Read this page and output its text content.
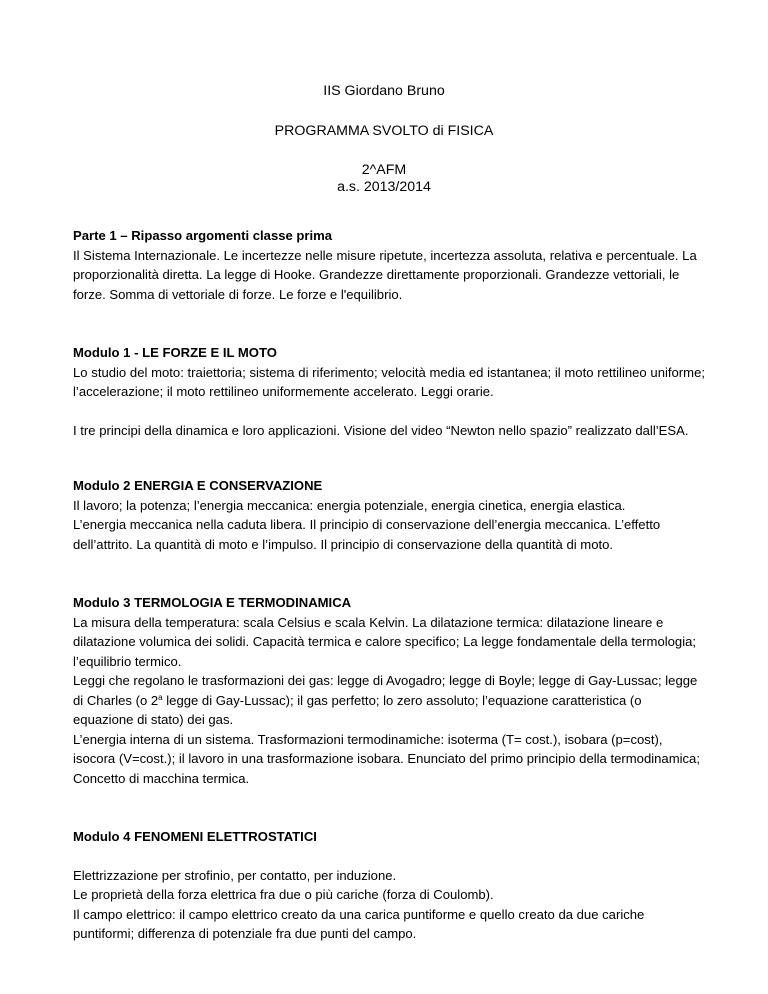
IIS Giordano Bruno
PROGRAMMA SVOLTO di FISICA
2^AFM
a.s. 2013/2014

Parte 1 – Ripasso argomenti classe prima

Il Sistema Internazionale. Le incertezze nelle misure ripetute, incertezza assoluta, relativa e percentuale. La proporzionalità diretta. La legge di Hooke. Grandezze direttamente proporzionali. Grandezze vettoriali, le forze. Somma di vettoriale di forze. Le forze e l'equilibrio.

Modulo 1 - LE FORZE E IL MOTO

Lo studio del moto: traiettoria; sistema di riferimento; velocità media ed istantanea; il moto rettilineo uniforme; l’accelerazione; il moto rettilineo uniformemente accelerato. Leggi orarie.

I tre principi della dinamica e loro applicazioni. Visione del video “Newton nello spazio” realizzato dall’ESA.

Modulo 2 ENERGIA E CONSERVAZIONE

Il lavoro; la potenza; l’energia meccanica: energia potenziale, energia cinetica, energia elastica.

L’energia meccanica nella caduta libera. Il principio di conservazione dell’energia meccanica. L’effetto dell’attrito. La quantità di moto e l’impulso. Il principio di conservazione della quantità di moto.

Modulo 3 TERMOLOGIA E TERMODINAMICA

La misura della temperatura: scala Celsius e scala Kelvin. La dilatazione termica: dilatazione lineare e dilatazione volumica dei solidi. Capacità termica e calore specifico; La legge fondamentale della termologia; l’equilibrio termico.

Leggi che regolano le trasformazioni dei gas: legge di Avogadro; legge di Boyle; legge di Gay-Lussac; legge di Charles (o 2$^a$ legge di Gay-Lussac); il gas perfetto; lo zero assoluto; l’equazione caratteristica (o equazione di stato) dei gas.

L’energia interna di un sistema. Trasformazioni termodinamiche: isoterma (T= cost.), isobara (p=cost), isocora (V=cost.); il lavoro in una trasformazione isobara. Enunciato del primo principio della termodinamica; Concetto di macchina termica.

Modulo 4 FENOMENI ELETTROSTATICI

Elettrizzazione per strofinio, per contatto, per induzione.

Le proprietà della forza elettrica fra due o più cariche (forza di Coulomb).

Il campo elettrico: il campo elettrico creato da una carica puntiforme e quello creato da due cariche puntiformi; differenza di potenziale fra due punti del campo.
